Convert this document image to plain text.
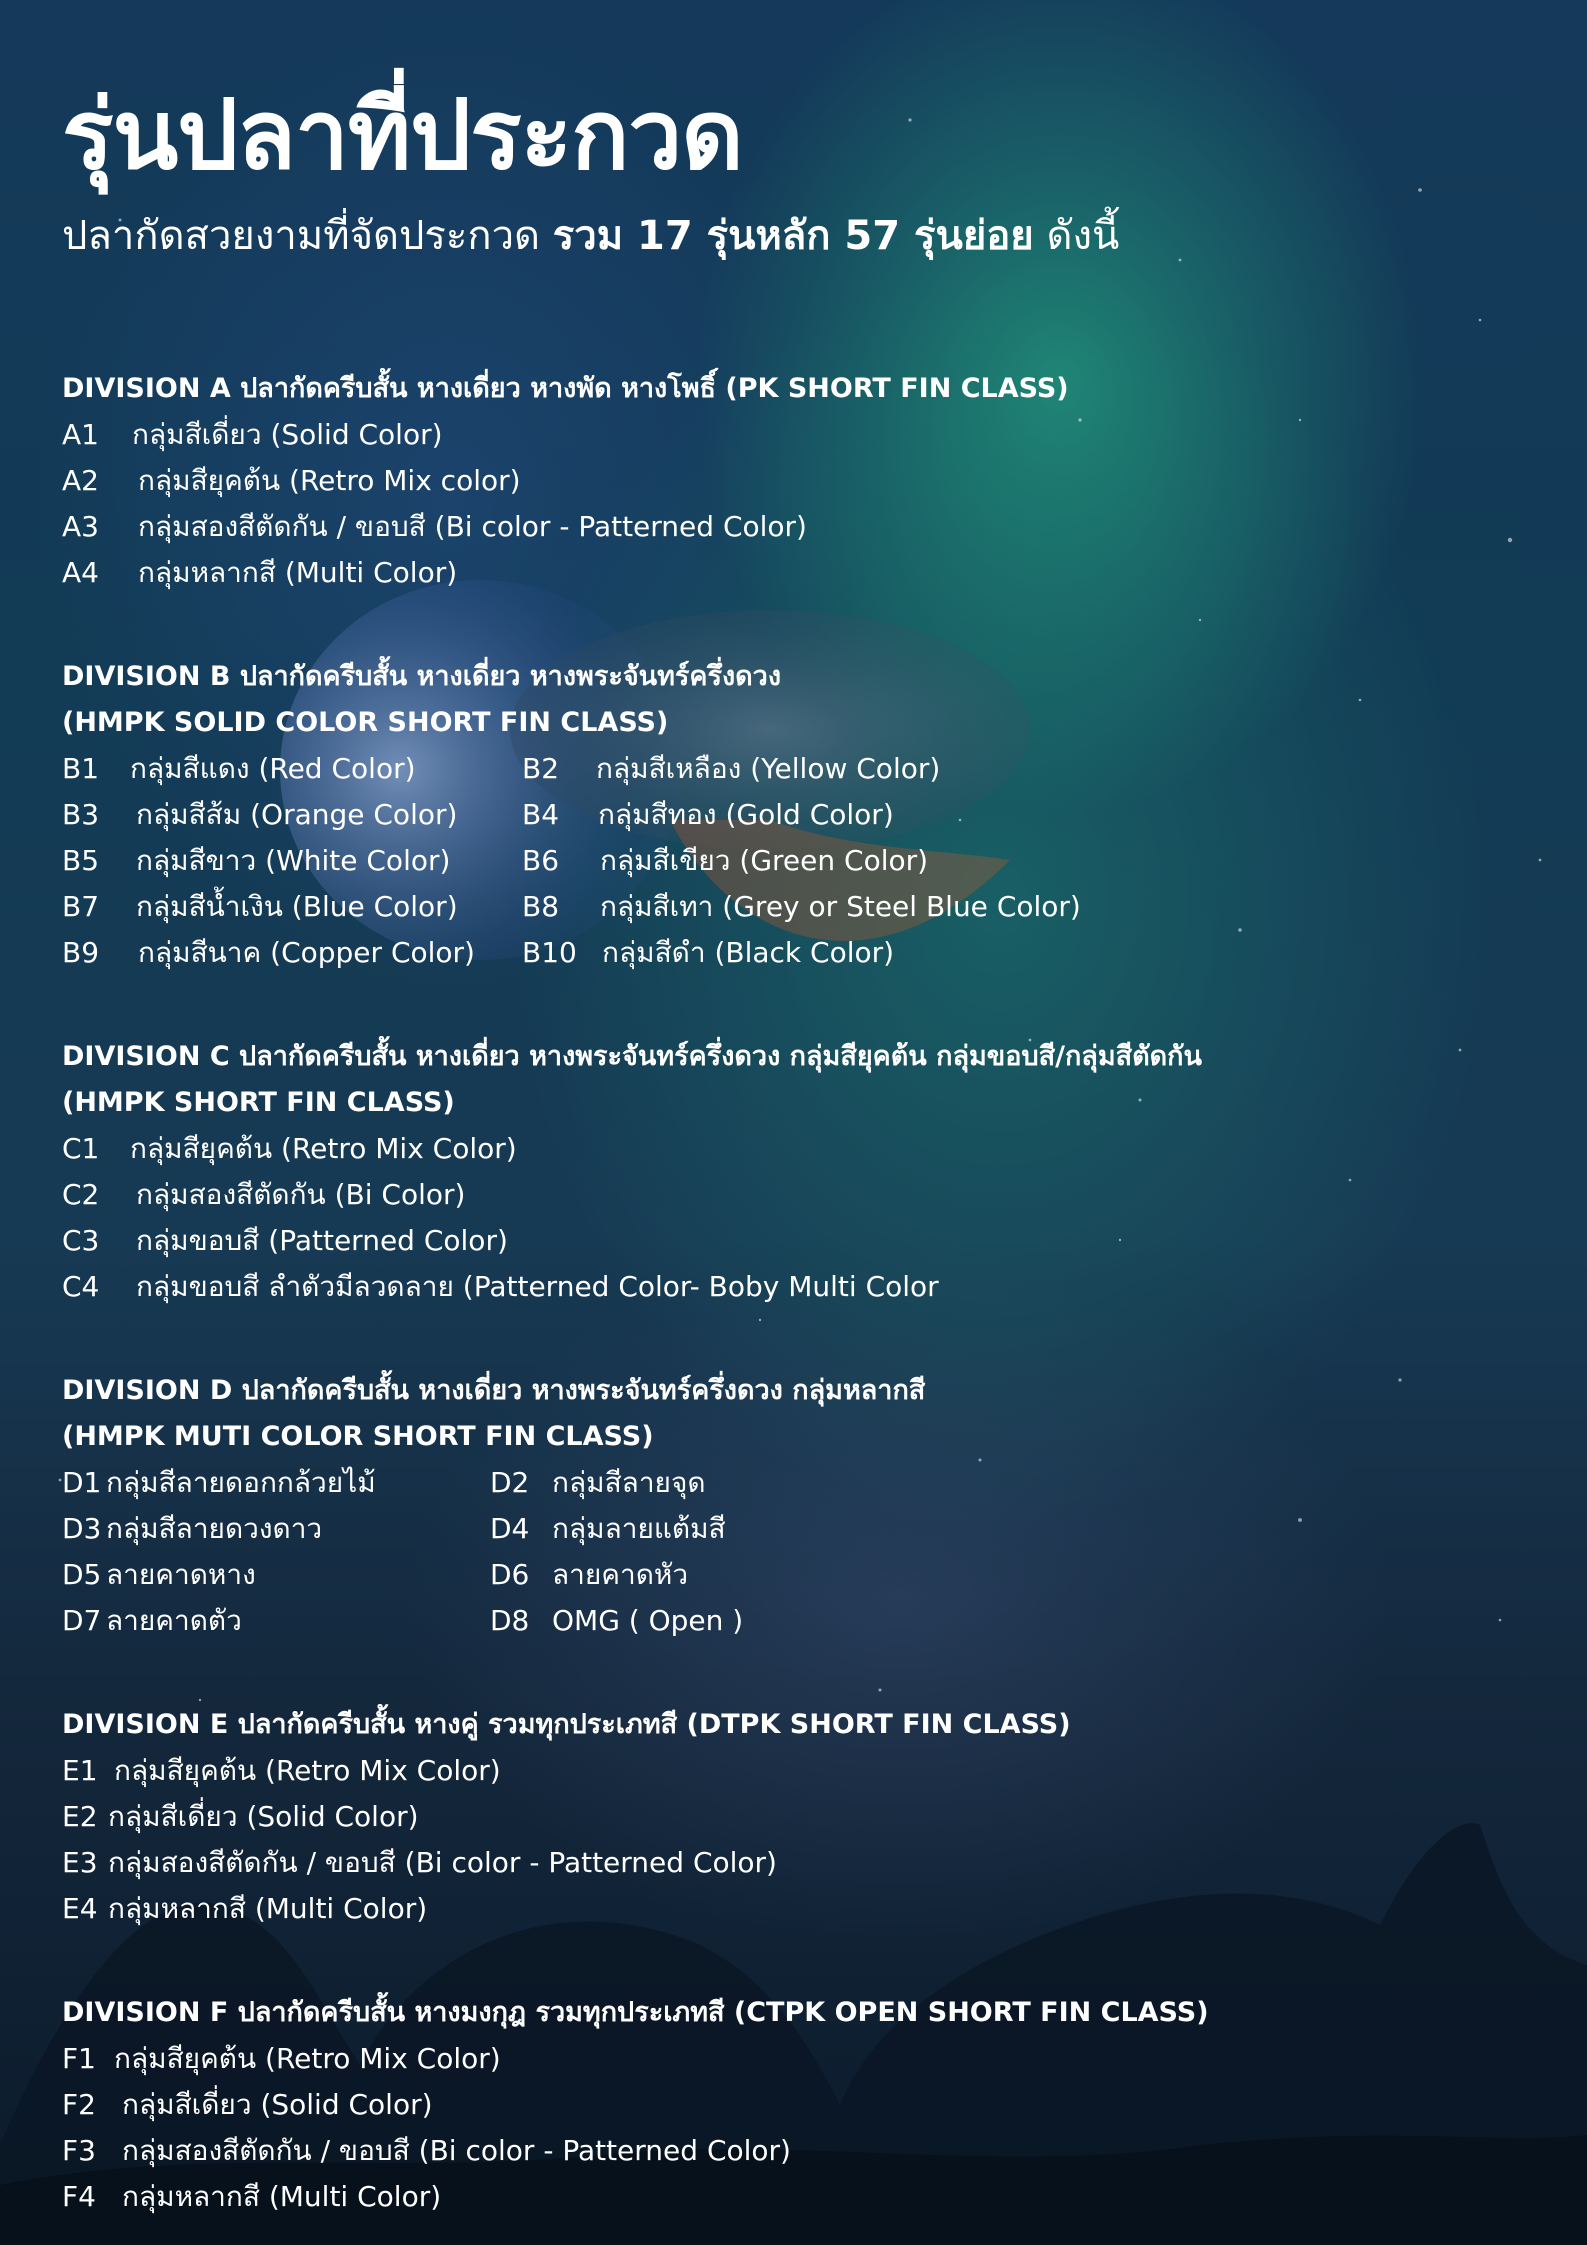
รุ่นปลาที่ประกวด

ปลากัดสวยงามที่จัดประกวด รวม 17 รุ่นหลัก 57 รุ่นย่อย ดังนี้

DIVISION A ปลากัดครีบสั้น หางเดี่ยว หางพัด หางโพธิ์ (PK SHORT FIN CLASS)
A1 กลุ่มสีเดี่ยว (Solid Color)
A2 กลุ่มสียุคต้น (Retro Mix color)
A3 กลุ่มสองสีตัดกัน / ขอบสี (Bi color - Patterned Color)
A4 กลุ่มหลากสี (Multi Color)
DIVISION B ปลากัดครีบสั้น หางเดี่ยว หางพระจันทร์ครึ่งดวง
(HMPK SOLID COLOR SHORT FIN CLASS)
B1	กลุ่มสีแดง (Red Color)	B2	กลุ่มสีเหลือง (Yellow Color)
B3	กลุ่มสีส้ม (Orange Color) B4	กลุ่มสีทอง (Gold Color)
B5	กลุ่มสีขาว (White Color)	B6	กลุ่มสีเขียว (Green Color)
B7	กลุ่มสีน้ำเงิน (Blue Color) B8	กลุ่มสีเทา (Grey or Steel Blue Color)
B9	กลุ่มสีนาค (Copper Color) B10 กลุ่มสีดำ (Black Color)
DIVISION C ปลากัดครีบสั้น หางเดี่ยว หางพระจันทร์ครึ่งดวง กลุ่มสียุคต้น กลุ่มขอบสี/กลุ่มสีตัดกัน
(HMPK SHORT FIN CLASS)
C1 กลุ่มสียุคต้น (Retro Mix Color)
C2 กลุ่มสองสีตัดกัน (Bi Color)
C3 กลุ่มขอบสี (Patterned Color)
C4 กลุ่มขอบสี ลำตัวมีลวดลาย (Patterned Color- Boby Multi Color
DIVISION D ปลากัดครีบสั้น หางเดี่ยว หางพระจันทร์ครึ่งดวง กลุ่มหลากสี
(HMPK MUTI COLOR SHORT FIN CLASS)
D1 กลุ่มสีลายดอกกล้วยไม้	D2 กลุ่มสีลายจุด
D3 กลุ่มสีลายดวงดาว	D4 กลุ่มลายแต้มสี
D5 ลายคาดหาง	D6 ลายคาดหัว
D7 ลายคาดตัว	D8 OMG ( Open )
DIVISION E ปลากัดครีบสั้น หางคู่ รวมทุกประเภทสี (DTPK SHORT FIN CLASS)
E1 กลุ่มสียุคต้น (Retro Mix Color)
E2 กลุ่มสีเดี่ยว (Solid Color)
E3 กลุ่มสองสีตัดกัน / ขอบสี (Bi color - Patterned Color)
E4 กลุ่มหลากสี (Multi Color)
DIVISION F ปลากัดครีบสั้น หางมงกุฎ รวมทุกประเภทสี (CTPK OPEN SHORT FIN CLASS)
F1 กลุ่มสียุคต้น (Retro Mix Color)
F2 กลุ่มสีเดี่ยว (Solid Color)
F3 กลุ่มสองสีตัดกัน / ขอบสี (Bi color - Patterned Color)
F4 กลุ่มหลากสี (Multi Color)
